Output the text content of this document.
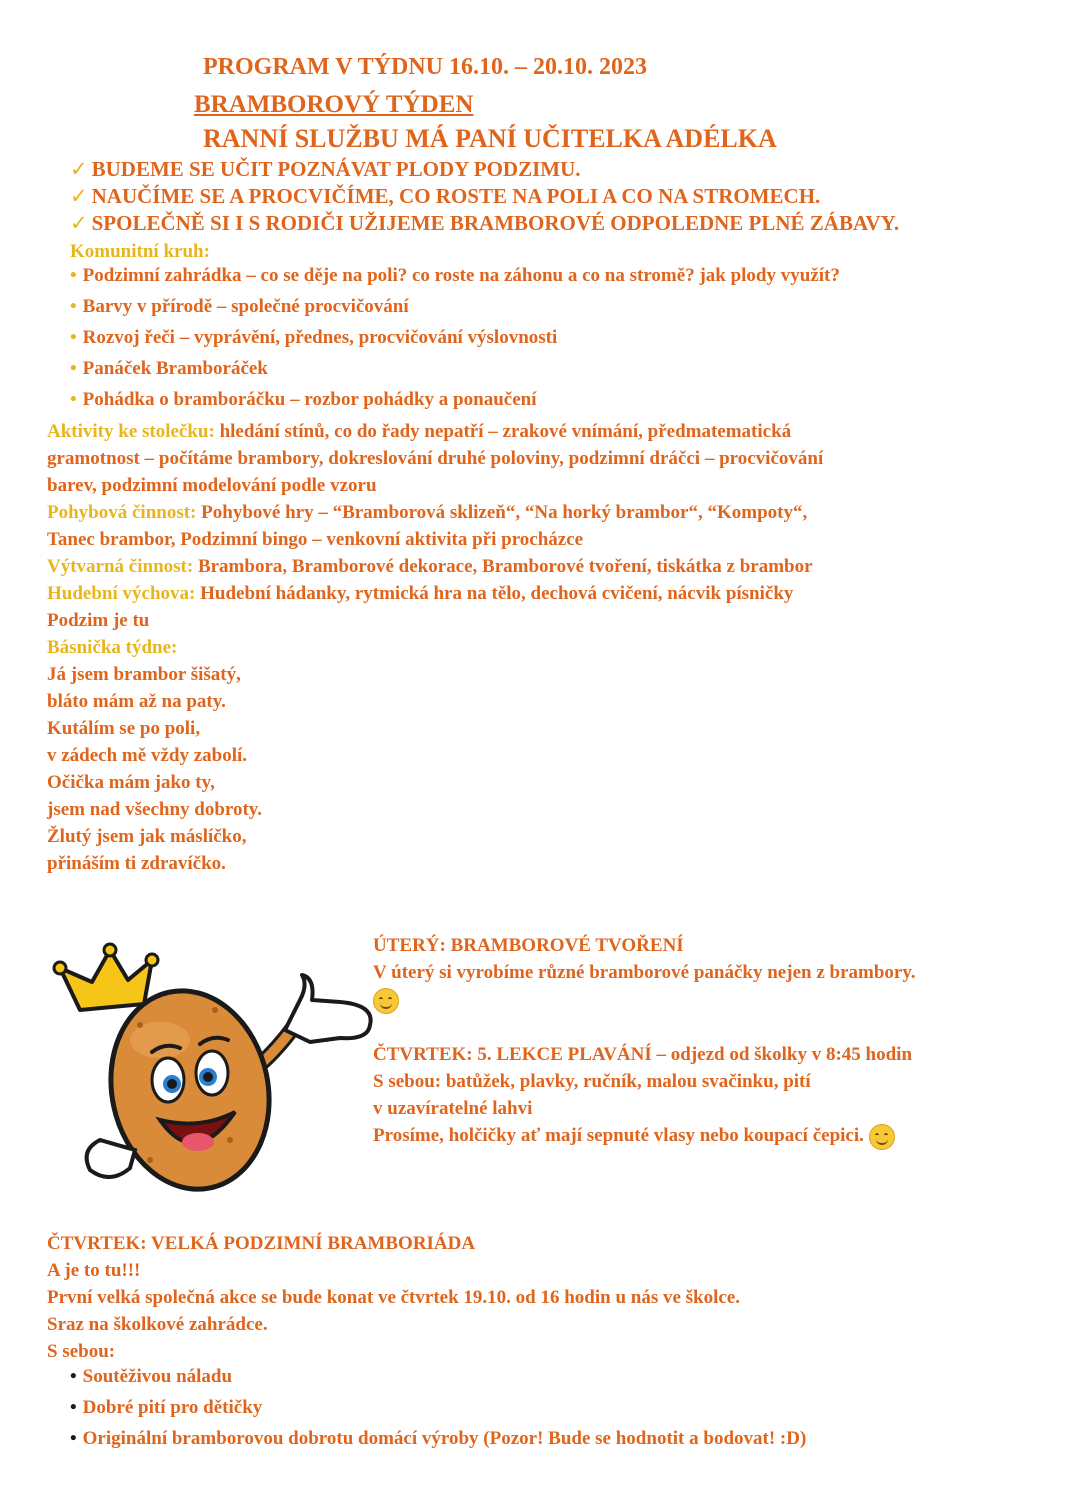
PROGRAM V TÝDNU 16.10. – 20.10. 2023
BRAMBOROVÝ TÝDEN
RANNÍ SLUŽBU MÁ PANÍ UČITELKA ADÉLKA
✓ BUDEME SE UČIT POZNÁVAT PLODY PODZIMU.
✓ NAUČÍME SE A PROCVIČÍME, CO ROSTE NA POLI A CO NA STROMECH.
✓ SPOLEČNĚ SI I S RODIČI UŽIJEME BRAMBOROVÉ ODPOLEDNE PLNÉ ZÁBAVY.
Komunitní kruh:
• Podzimní zahrádka – co se děje na poli? co roste na záhonu a co na stromě? jak plody využít?
• Barvy v přírodě – společné procvičování
• Rozvoj řeči – vyprávění, přednes, procvičování výslovnosti
• Panáček Bramboráček
• Pohádka o bramboráčku – rozbor pohádky a ponaučení
Aktivity ke stolečku: hledání stínů, co do řady nepatří – zrakové vnímání, předmatematická
gramotnost – počítáme brambory, dokreslování druhé poloviny, podzimní dráčci – procvičování
barev, podzimní modelování podle vzoru
Pohybová činnost: Pohybové hry – “Bramborová sklizeň“, “Na horký brambor“, “Kompoty“,
Tanec brambor, Podzimní bingo – venkovní aktivita při procházce
Výtvarná činnost: Brambora, Bramborové dekorace, Bramborové tvoření, tiskátka z brambor
Hudební výchova: Hudební hádanky, rytmická hra na tělo, dechová cvičení, nácvik písničky
Podzim je tu
Básnička týdne:
Já jsem brambor šišatý,
bláto mám až na paty.
Kutálím se po poli,
v zádech mě vždy zabolí.
Očička mám jako ty,
jsem nad všechny dobroty.
Žlutý jsem jak máslíčko,
přináším ti zdravíčko.
ÚTERÝ: BRAMBOROVÉ TVOŘENÍ
V úterý si vyrobíme různé bramborové panáčky nejen z brambory.
ČTVRTEK: 5. LEKCE PLAVÁNÍ – odjezd od školky v 8:45 hodin
S sebou: batůžek, plavky, ručník, malou svačinku, pití
v uzavíratelné lahvi
Prosíme, holčičky ať mají sepnuté vlasy nebo koupací čepici.
ČTVRTEK: VELKÁ PODZIMNÍ BRAMBORIÁDA
A je to tu!!!
První velká společná akce se bude konat ve čtvrtek 19.10. od 16 hodin u nás ve školce.
Sraz na školkové zahrádce.
S sebou:
• Soutěživou náladu
• Dobré pití pro dětičky
• Originální bramborovou dobrotu domácí výroby (Pozor! Bude se hodnotit a bodovat! :D)
